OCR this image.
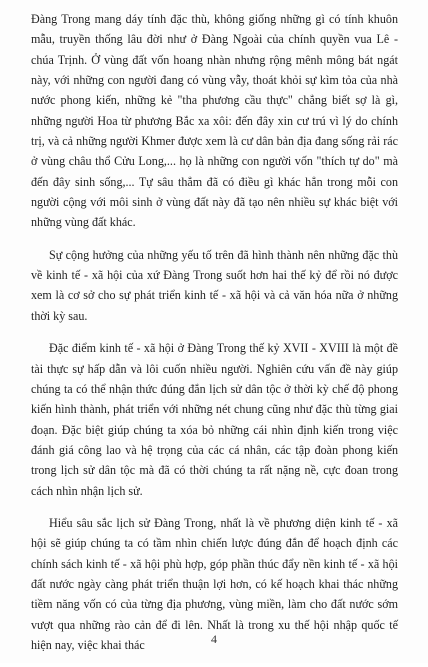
Đàng Trong mang dáy tính đặc thù, không giống những gì có tính khuôn mẫu, truyền thống lâu đời như ở Đàng Ngoài của chính quyền vua Lê - chúa Trịnh. Ở vùng đất vốn hoang nhàn nhưng rộng mênh mông bát ngát này, với những con người đang có vùng vẫy, thoát khỏi sự kìm tỏa của nhà nước phong kiến, những kẻ "tha phương cầu thực" chẳng biết sợ là gì, những người Hoa từ phương Bắc xa xôi: đến đây xin cư trú vì lý do chính trị, và cả những người Khmer được xem là cư dân bản địa đang sống rải rác ở vùng châu thổ Cửu Long,... họ là những con người vốn "thích tự do" mà đến đây sinh sống,... Tự sâu thẳm đã có điều gì khác hẳn trong mỗi con người cộng với môi sinh ở vùng đất này đã tạo nên nhiều sự khác biệt với những vùng đất khác.

Sự cộng hưởng của những yếu tố trên đã hình thành nên những đặc thù về kinh tế - xã hội của xứ Đàng Trong suốt hơn hai thế kỷ để rồi nó được xem là cơ sở cho sự phát triển kinh tế - xã hội và cả văn hóa nữa ở những thời kỳ sau.

Đặc điểm kinh tế - xã hội ở Đàng Trong thế kỷ XVII - XVIII là một đề tài thực sự hấp dẫn và lôi cuốn nhiều người. Nghiên cứu vấn đề này giúp chúng ta có thể nhận thức đúng đắn lịch sử dân tộc ở thời kỳ chế độ phong kiến hình thành, phát triển với những nét chung cũng như đặc thù từng giai đoạn. Đặc biệt giúp chúng ta xóa bỏ những cái nhìn định kiến trong việc đánh giá công lao và hệ trọng của các cá nhân, các tập đoàn phong kiến trong lịch sử dân tộc mà đã có thời chúng ta rất nặng nề, cực đoan trong cách nhìn nhận lịch sử.

Hiểu sâu sắc lịch sử Đàng Trong, nhất là về phương diện kinh tế - xã hội sẽ giúp chúng ta có tầm nhìn chiến lược đúng đắn để hoạch định các chính sách kinh tế - xã hội phù hợp, góp phần thúc đẩy nền kinh tế - xã hội đất nước ngày càng phát triển thuận lợi hơn, có kế hoạch khai thác những tiềm năng vốn có của từng địa phương, vùng miền, làm cho đất nước sớm vượt qua những rào cản để đi lên. Nhất là trong xu thế hội nhập quốc tế hiện nay, việc khai thác	4
